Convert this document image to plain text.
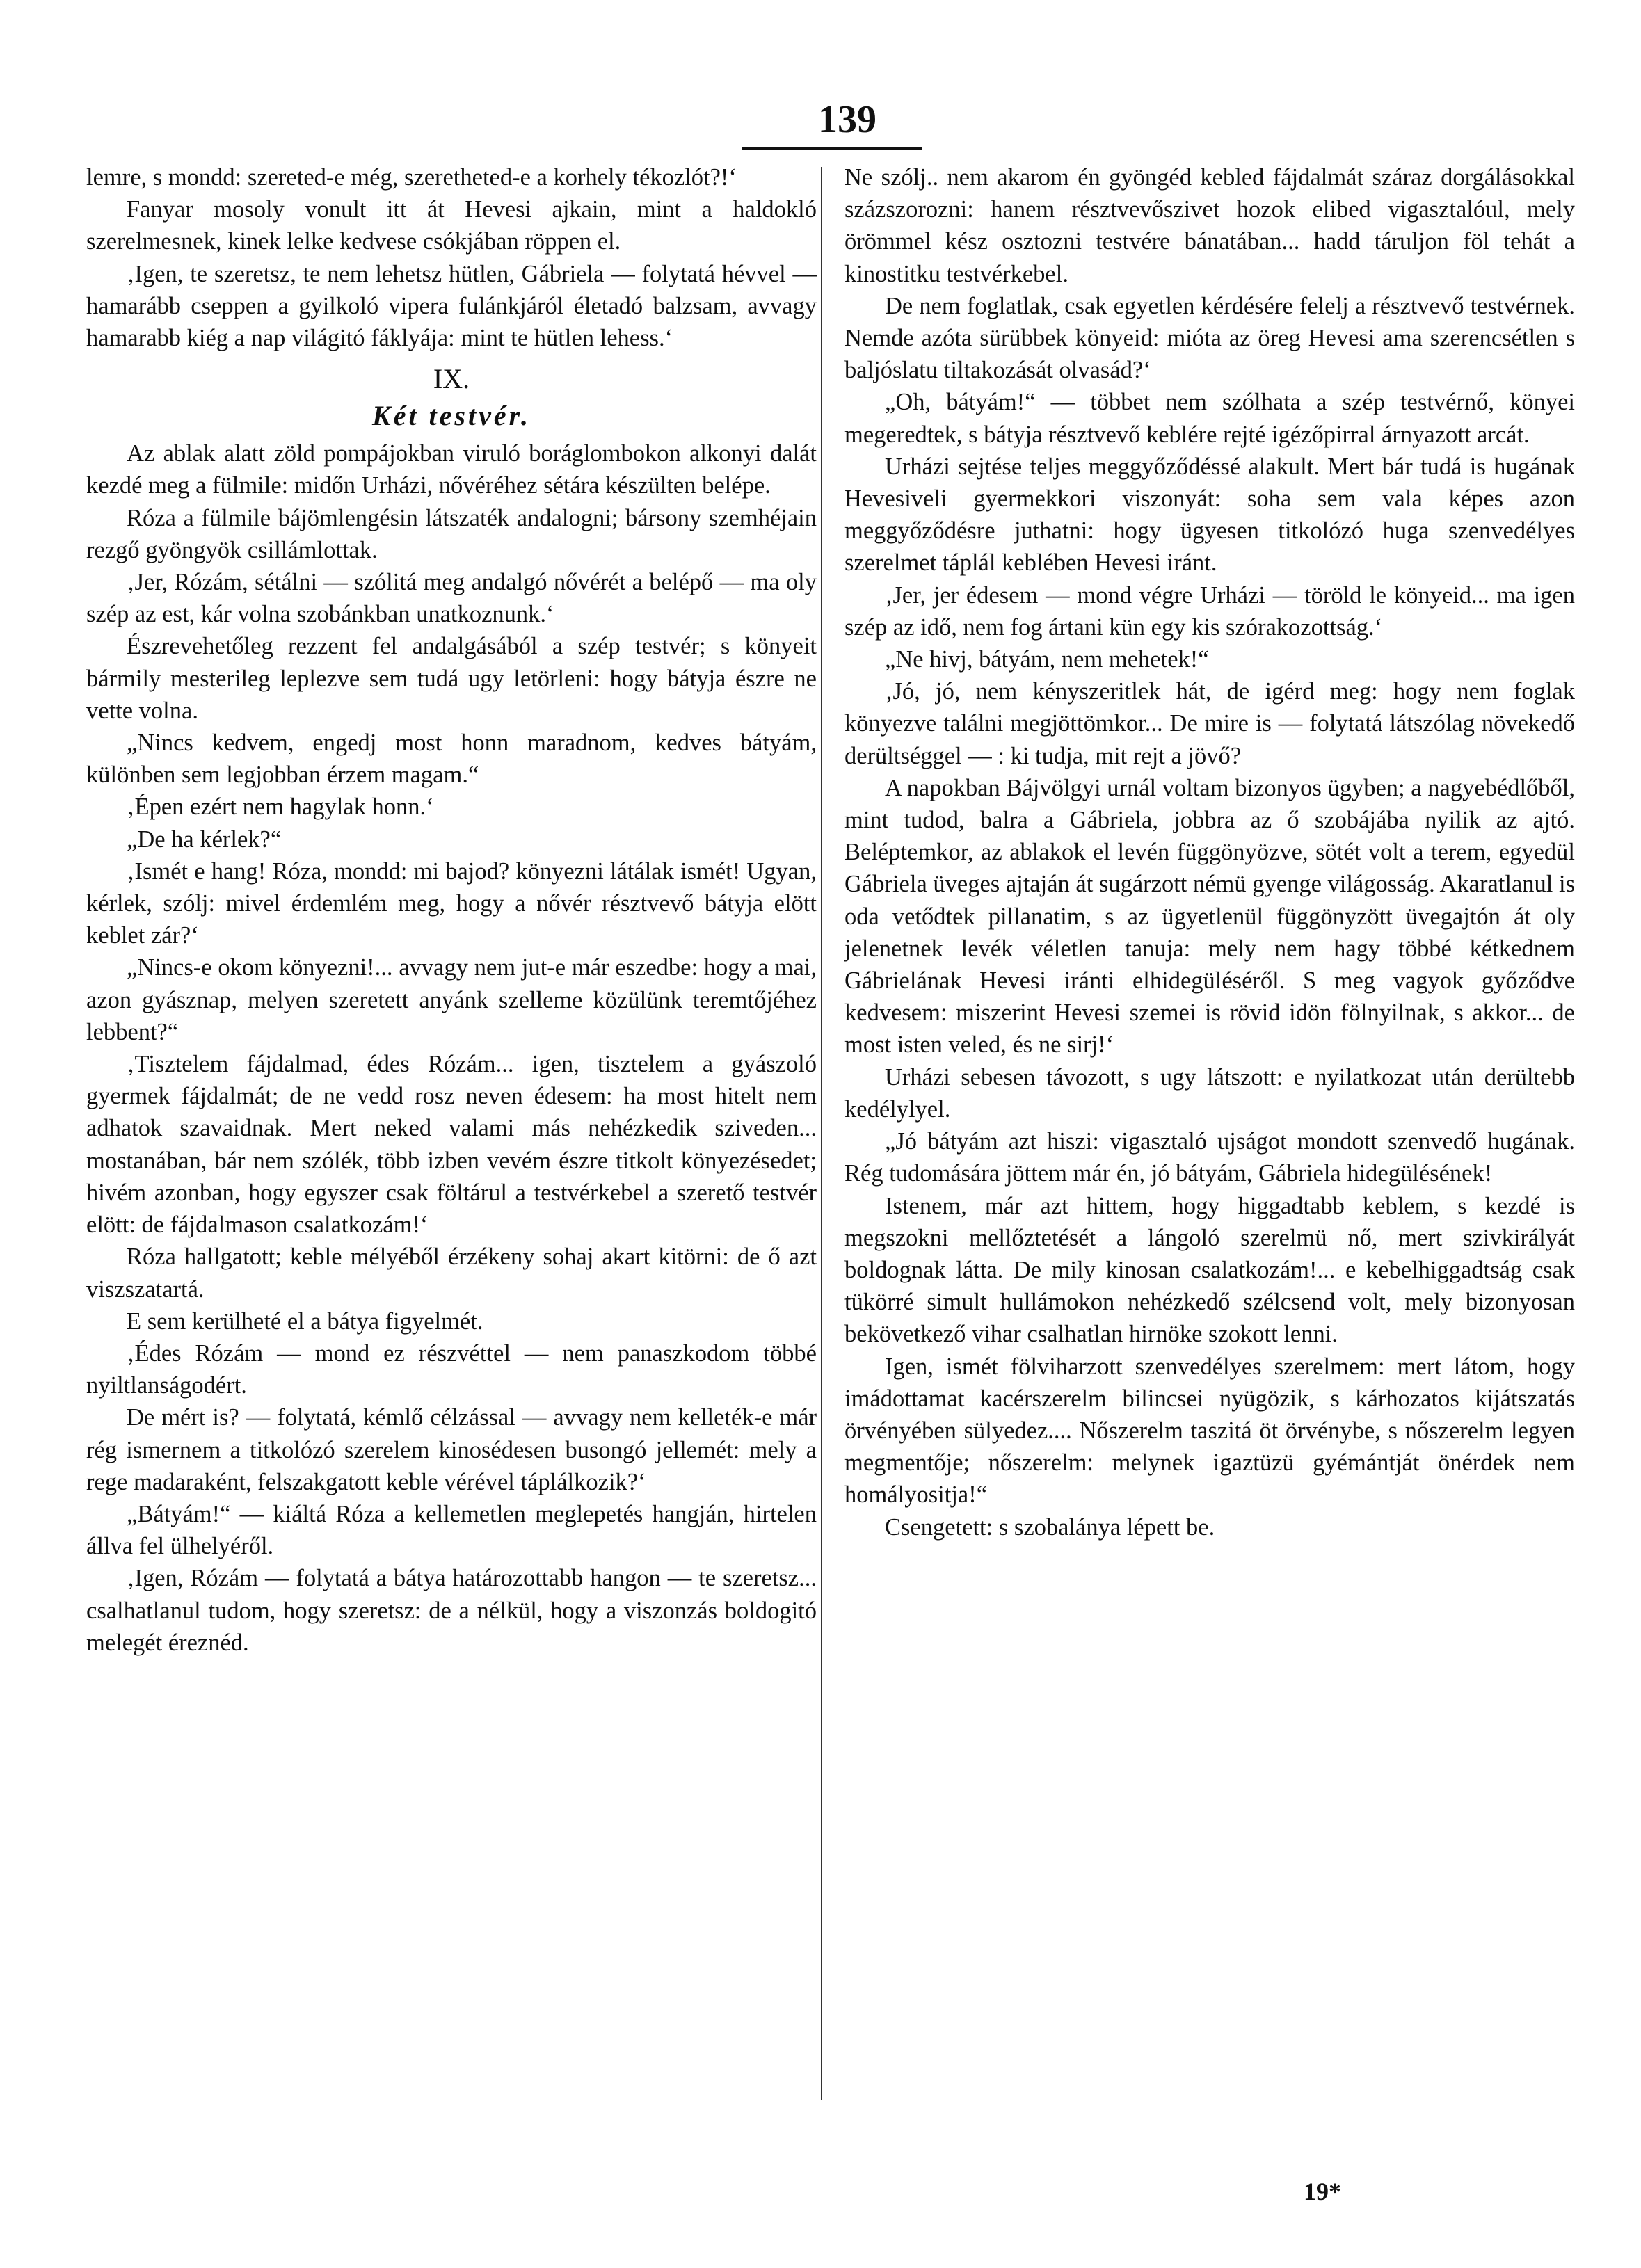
139

lemre, s mondd: szereted-e még, szeretheted-e a korhely tékozlót?!‘

Fanyar mosoly vonult itt át Hevesi ajkain, mint a haldokló szerelmesnek, kinek lelke kedvese csókjában röppen el.

‚Igen, te szeretsz, te nem lehetsz hütlen, Gábriela — folytatá hévvel — hamarább cseppen a gyilkoló vipera fulánkjáról életadó balzsam, avvagy hamarabb kiég a nap világitó fáklyája: mint te hütlen lehess.‘

IX.
Két testvér.

Az ablak alatt zöld pompájokban viruló boráglombokon alkonyi dalát kezdé meg a fülmile: midőn Urházi, nővéréhez sétára készülten belépe.

Róza a fülmile bájömlengésin látszaték andalogni; bársony szemhéjain rezgő gyöngyök csillámlottak.

‚Jer, Rózám, sétálni — szólitá meg andalgó nővérét a belépő — ma oly szép az est, kár volna szobánkban unatkoznunk.‘

Észrevehetőleg rezzent fel andalgásából a szép testvér; s könyeit bármily mesterileg leplezve sem tudá ugy letörleni: hogy bátyja észre ne vette volna.

„Nincs kedvem, engedj most honn maradnom, kedves bátyám, különben sem legjobban érzem magam.“

‚Épen ezért nem hagylak honn.‘

„De ha kérlek?“

‚Ismét e hang! Róza, mondd: mi bajod? könyezni látálak ismét! Ugyan, kérlek, szólj: mivel érdemlém meg, hogy a nővér résztvevő bátyja elött keblet zár?‘

„Nincs-e okom könyezni!... avvagy nem jut-e már eszedbe: hogy a mai, azon gyásznap, melyen szeretett anyánk szelleme közülünk teremtőjéhez lebbent?“

‚Tisztelem fájdalmad, édes Rózám... igen, tisztelem a gyászoló gyermek fájdalmát; de ne vedd rosz neven édesem: ha most hitelt nem adhatok szavaidnak. Mert neked valami más nehézkedik sziveden... mostanában, bár nem szólék, több izben vevém észre titkolt könyezésedet; hivém azonban, hogy egyszer csak föltárul a testvérkebel a szerető testvér elött: de fájdalmason csalatkozám!‘

Róza hallgatott; keble mélyéből érzékeny sohaj akart kitörni: de ő azt viszszatartá.

E sem kerülheté el a bátya figyelmét.

‚Édes Rózám — mond ez részvéttel — nem panaszkodom többé nyiltlanságodért.

De mért is? — folytatá, kémlő célzással — avvagy nem kelleték-e már rég ismernem a titkolózó szerelem kinosédesen busongó jellemét: mely a rege madaraként, felszakgatott keble vérével táplálkozik?‘

„Bátyám!“ — kiáltá Róza a kellemetlen meglepetés hangján, hirtelen állva fel ülhelyéről.

‚Igen, Rózám — folytatá a bátya határozottabb hangon — te szeretsz... csalhatlanul tudom, hogy szeretsz: de a nélkül, hogy a viszonzás boldogitó melegét éreznéd.

Ne szólj.. nem akarom én gyöngéd kebled fájdalmát száraz dorgálásokkal százszorozni: hanem résztvevőszivet hozok elibed vigasztalóul, mely örömmel kész osztozni testvére bánatában... hadd táruljon föl tehát a kinostitku testvérkebel.

De nem foglatlak, csak egyetlen kérdésére felelj a résztvevő testvérnek. Nemde azóta sürübbek könyeid: mióta az öreg Hevesi ama szerencsétlen s baljóslatu tiltakozását olvasád?‘

„Oh, bátyám!“ — többet nem szólhata a szép testvérnő, könyei megeredtek, s bátyja résztvevő keblére rejté igézőpirral árnyazott arcát.

Urházi sejtése teljes meggyőződéssé alakult. Mert bár tudá is hugának Hevesiveli gyermekkori viszonyát: soha sem vala képes azon meggyőződésre juthatni: hogy ügyesen titkolózó huga szenvedélyes szerelmet táplál keblében Hevesi iránt.

‚Jer, jer édesem — mond végre Urházi — töröld le könyeid... ma igen szép az idő, nem fog ártani kün egy kis szórakozottság.‘

„Ne hivj, bátyám, nem mehetek!“

‚Jó, jó, nem kényszeritlek hát, de igérd meg: hogy nem foglak könyezve találni megjöttömkor... De mire is — folytatá látszólag növekedő derültséggel — : ki tudja, mit rejt a jövő?

A napokban Bájvölgyi urnál voltam bizonyos ügyben; a nagyebédlőből, mint tudod, balra a Gábriela, jobbra az ő szobájába nyilik az ajtó. Beléptemkor, az ablakok el levén függönyözve, sötét volt a terem, egyedül Gábriela üveges ajtaján át sugárzott némü gyenge világosság. Akaratlanul is oda vetődtek pillanatim, s az ügyetlenül függönyzött üvegajtón át oly jelenetnek levék véletlen tanuja: mely nem hagy többé kétkednem Gábrielának Hevesi iránti elhidegüléséről. S meg vagyok győződve kedvesem: miszerint Hevesi szemei is rövid idön fölnyilnak, s akkor... de most isten veled, és ne sirj!‘

Urházi sebesen távozott, s ugy látszott: e nyilatkozat után derültebb kedélylyel.

„Jó bátyám azt hiszi: vigasztaló ujságot mondott szenvedő hugának. Rég tudomására jöttem már én, jó bátyám, Gábriela hidegülésének!

Istenem, már azt hittem, hogy higgadtabb keblem, s kezdé is megszokni mellőztetését a lángoló szerelmü nő, mert szivkirályát boldognak látta. De mily kinosan csalatkozám!... e kebelhiggadtság csak tükörré simult hullámokon nehézkedő szélcsend volt, mely bizonyosan bekövetkező vihar csalhatlan hirnöke szokott lenni.

Igen, ismét fölviharzott szenvedélyes szerelmem: mert látom, hogy imádottamat kacérszerelm bilincsei nyügözik, s kárhozatos kijátszatás örvényében sülyedez.... Nőszerelm taszitá öt örvénybe, s nőszerelm legyen megmentője; nőszerelm: melynek igaztüzü gyémántját önérdek nem homályositja!“

Csengetett: s szobalánya lépett be.

19*
